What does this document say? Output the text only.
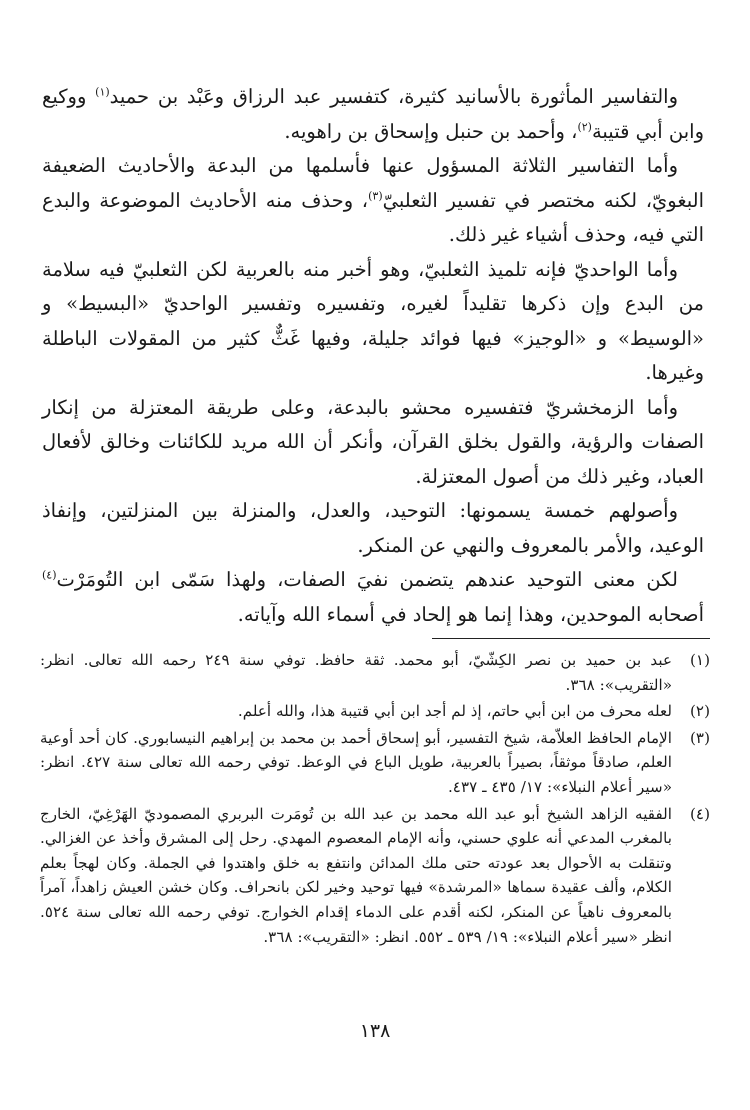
والتفاسير المأثورة بالأسانيد كثيرة، كتفسير عبد الرزاق وعَبْد بن حميد$^{(١)}$ ووكيع وابن أبي قتيبة$^{(٢)}$، وأحمد بن حنبل وإسحاق بن راهويه.

وأما التفاسير الثلاثة المسؤول عنها فأسلمها من البدعة والأحاديث الضعيفة البغويّ، لكنه مختصر في تفسير الثعلبيّ$^{(٣)}$، وحذف منه الأحاديث الموضوعة والبدع التي فيه، وحذف أشياء غير ذلك.

وأما الواحديّ فإنه تلميذ الثعلبيّ، وهو أخبر منه بالعربية لكن الثعلبيّ فيه سلامة من البدع وإن ذكرها تقليداً لغيره، وتفسيره وتفسير الواحديّ «البسيط» و «الوسيط» و «الوجيز» فيها فوائد جليلة، وفيها غَثٌّ كثير من المقولات الباطلة وغيرها.

وأما الزمخشريّ فتفسيره محشو بالبدعة، وعلى طريقة المعتزلة من إنكار الصفات والرؤية، والقول بخلق القرآن، وأنكر أن الله مريد للكائنات وخالق لأفعال العباد، وغير ذلك من أصول المعتزلة.

وأصولهم خمسة يسمونها: التوحيد، والعدل، والمنزلة بين المنزلتين، وإنفاذ الوعيد، والأمر بالمعروف والنهي عن المنكر.

لكن معنى التوحيد عندهم يتضمن نفيَ الصفات، ولهذا سَمّى ابن التُومَرْت$^{(٤)}$ أصحابه الموحدين، وهذا إنما هو إلحاد في أسماء الله وآياته.

(١)
عبد بن حميد بن نصر الكِشّيّ، أبو محمد. ثقة حافظ. توفي سنة ٢٤٩ رحمه الله تعالى. انظر: «التقريب»: ٣٦٨.
(٢)
لعله محرف من ابن أبي حاتم، إذ لم أجد ابن أبي قتيبة هذا، والله أعلم.
(٣)
الإمام الحافظ العلاّمة، شيخ التفسير، أبو إسحاق أحمد بن محمد بن إبراهيم النيسابوري. كان أحد أوعية العلم، صادقاً موثقاً، بصيراً بالعربية، طويل الباع في الوعظ. توفي رحمه الله تعالى سنة ٤٢٧. انظر: «سير أعلام النبلاء»: ١٧/ ٤٣٥ ـ ٤٣٧.
(٤)
الفقيه الزاهد الشيخ أبو عبد الله محمد بن عبد الله بن تُومَرت البربري المصموديّ الهَرْغِيّ، الخارج بالمغرب المدعي أنه علوي حسني، وأنه الإمام المعصوم المهدي. رحل إلى المشرق وأخذ عن الغزالي. وتنقلت به الأحوال بعد عودته حتى ملك المدائن وانتفع به خلق واهتدوا في الجملة. وكان لهجاً بعلم الكلام، وألف عقيدة سماها «المرشدة» فيها توحيد وخير لكن بانحراف. وكان خشن العيش زاهداً، آمراً بالمعروف ناهياً عن المنكر، لكنه أقدم على الدماء إقدام الخوارج. توفي رحمه الله تعالى سنة ٥٢٤. انظر «سير أعلام النبلاء»: ١٩/ ٥٣٩ ـ ٥٥٢. انظر: «التقريب»: ٣٦٨.
١٣٨
